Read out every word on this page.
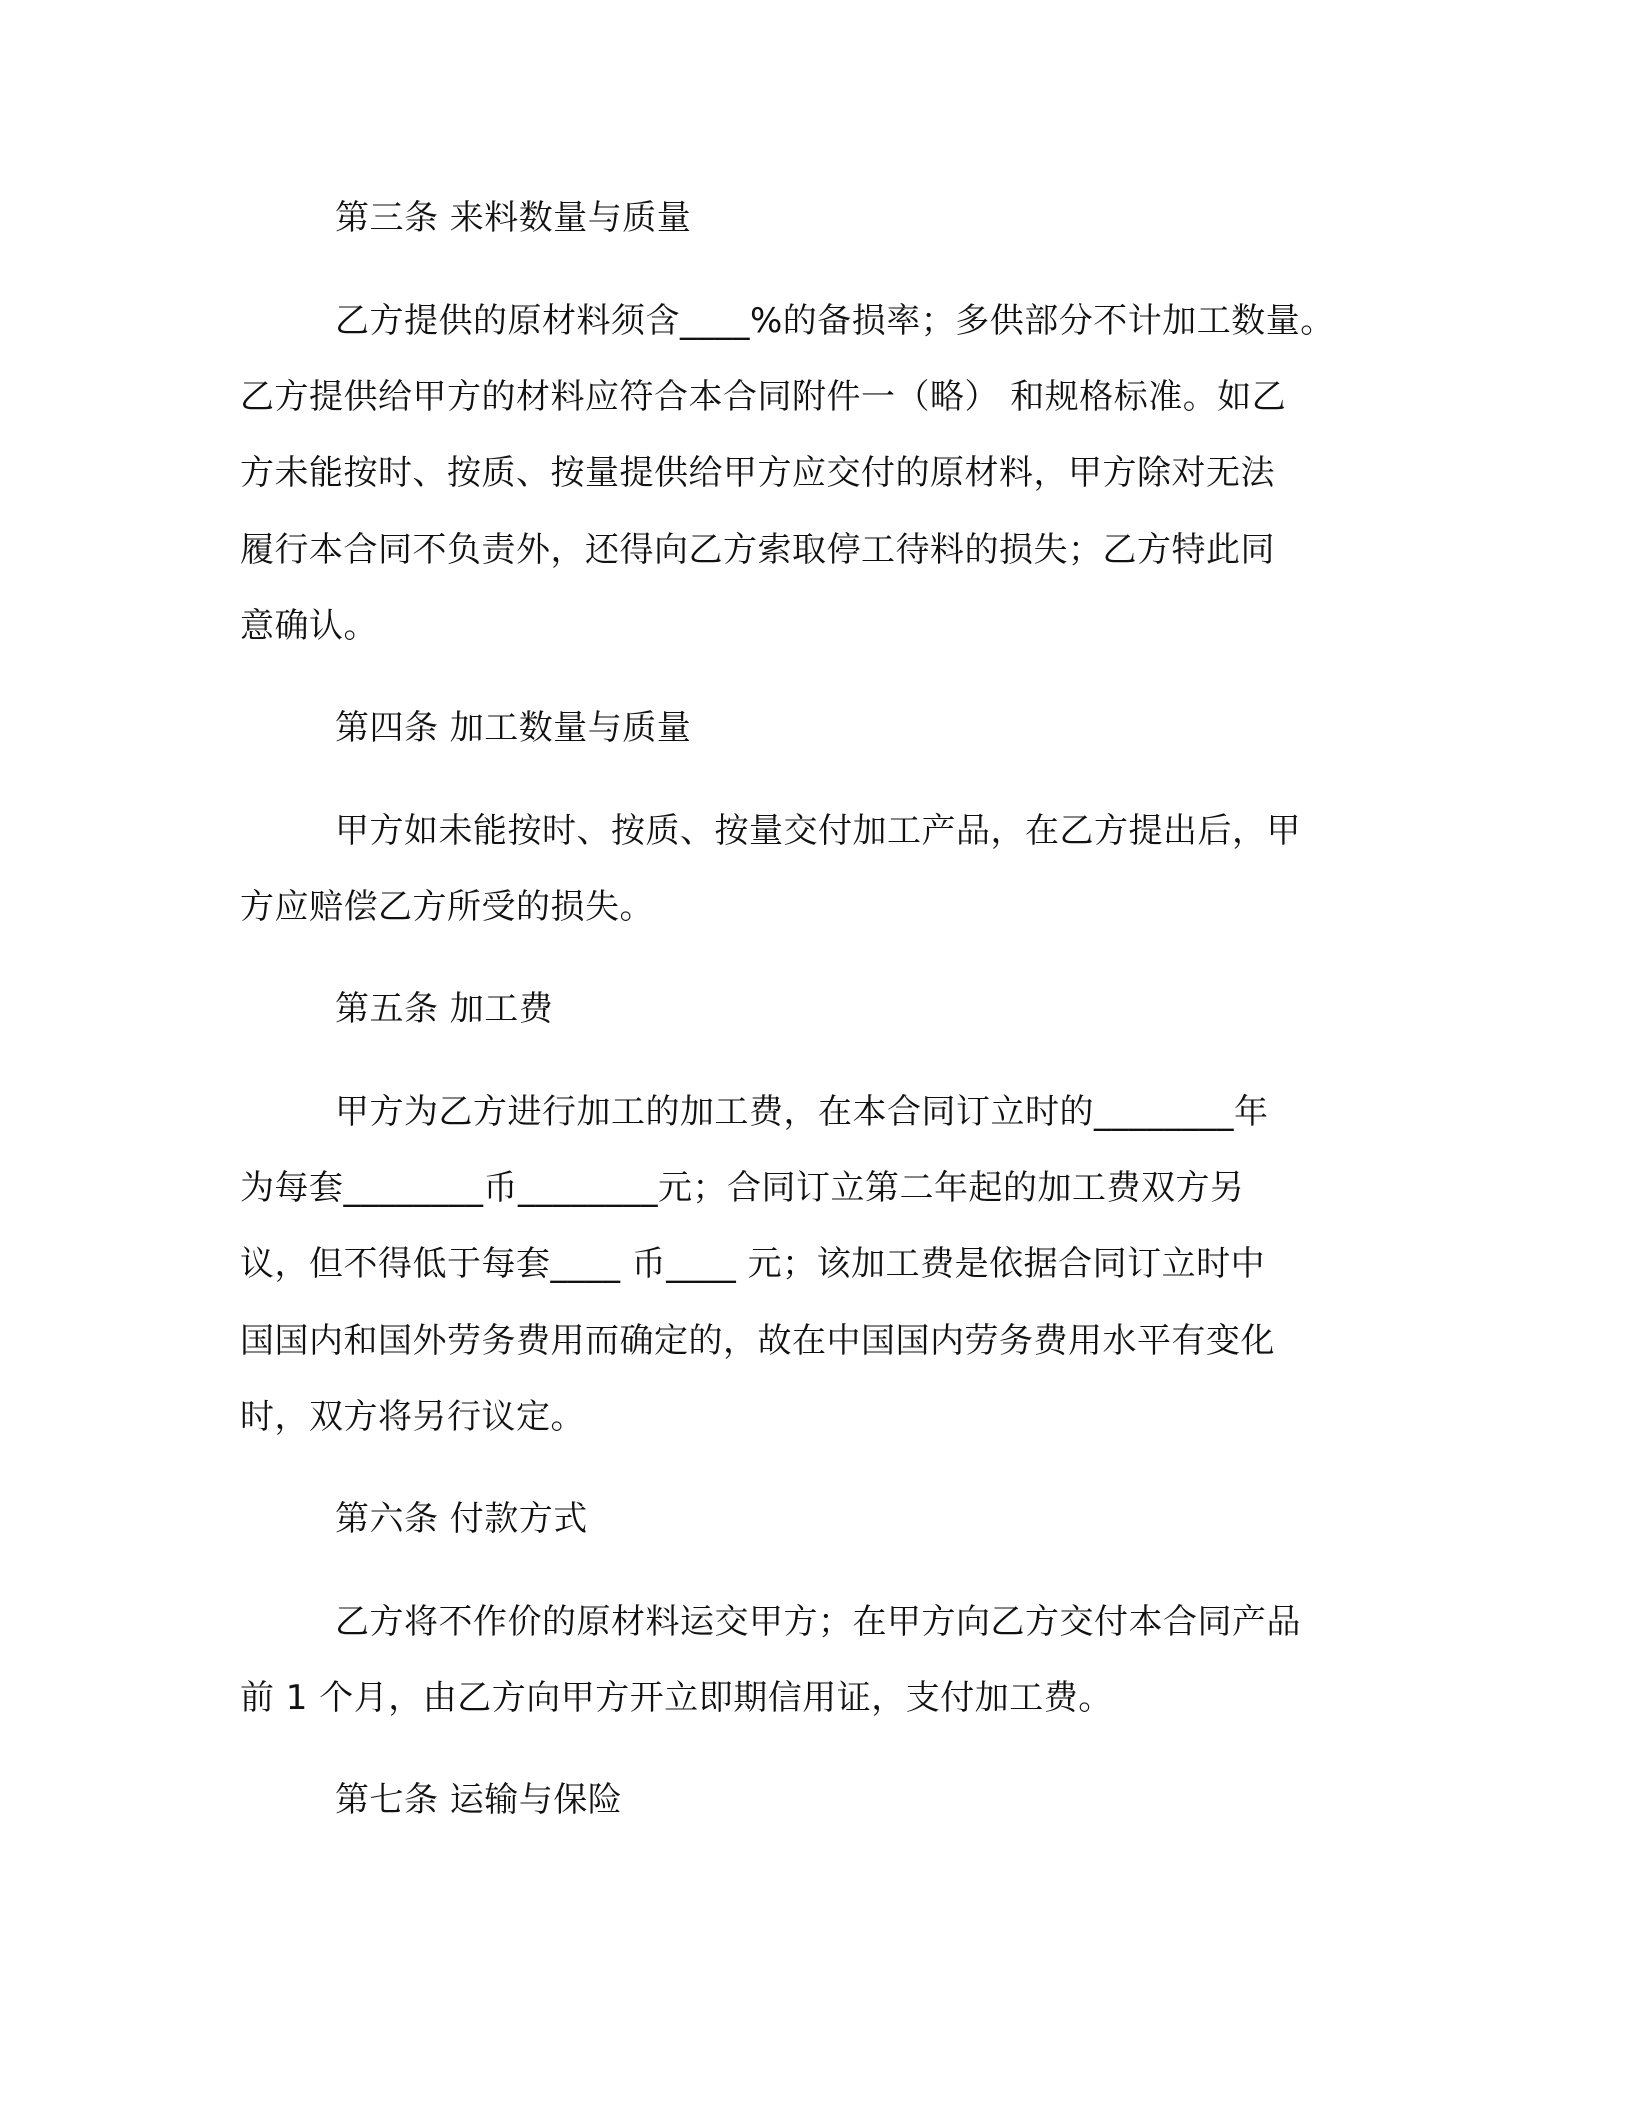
第三条 来料数量与质量
乙方提供的原材料须含____%的备损率；多供部分不计加工数量。
乙方提供给甲方的材料应符合本合同附件一（略） 和规格标准。如乙
方未能按时、按质、按量提供给甲方应交付的原材料，甲方除对无法
履行本合同不负责外，还得向乙方索取停工待料的损失；乙方特此同
意确认。
第四条 加工数量与质量
甲方如未能按时、按质、按量交付加工产品，在乙方提出后，甲
方应赔偿乙方所受的损失。
第五条 加工费
甲方为乙方进行加工的加工费，在本合同订立时的________年
为每套________币________元；合同订立第二年起的加工费双方另
议，但不得低于每套____ 币____ 元；该加工费是依据合同订立时中
国国内和国外劳务费用而确定的，故在中国国内劳务费用水平有变化
时，双方将另行议定。
第六条 付款方式
乙方将不作价的原材料运交甲方；在甲方向乙方交付本合同产品
前 1 个月，由乙方向甲方开立即期信用证，支付加工费。
第七条 运输与保险
